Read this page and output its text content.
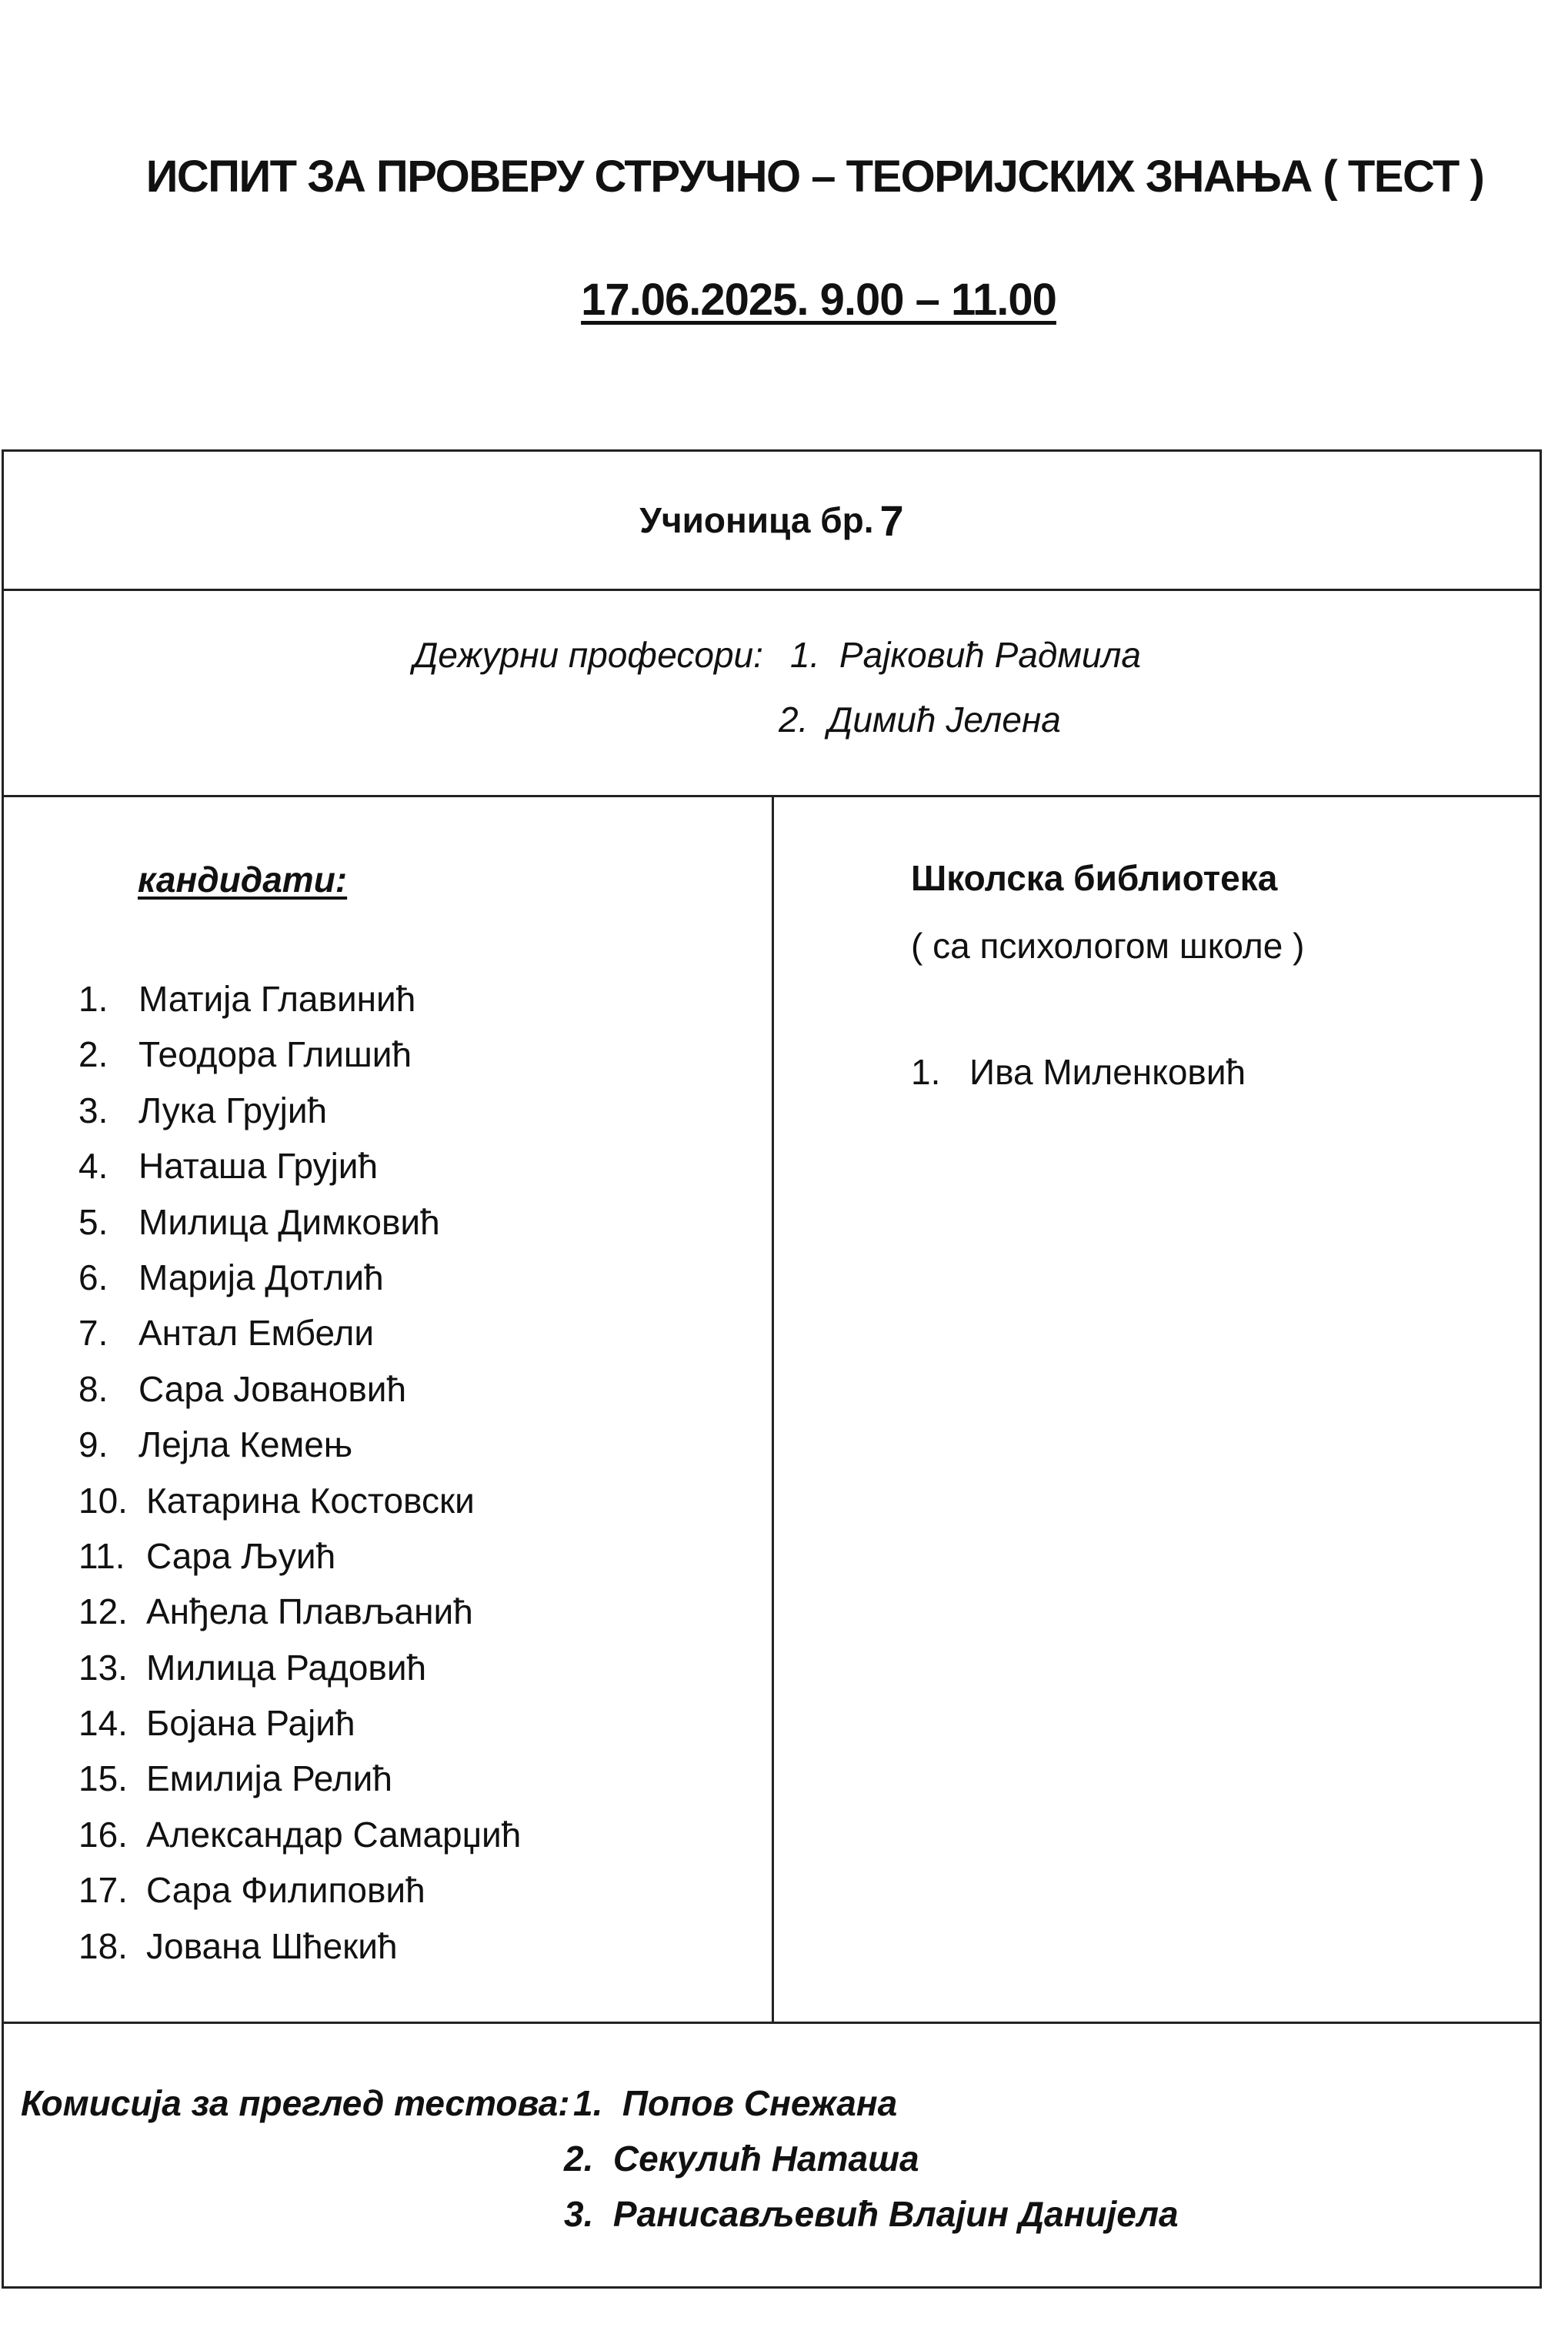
ИСПИТ ЗА ПРОВЕРУ СТРУЧНО – ТЕОРИЈСКИХ ЗНАЊА ( ТЕСТ )
17.06.2025. 9.00 – 11.00
Учионица бр. 7
Дежурни професори: 1.  Рајковић Радмила
2.  Димић Јелена
кандидати:
1. Матија Главинић
2. Теодора Глишић
3. Лука Грујић
4. Наташа Грујић
5. Милица Димковић
6. Марија Дотлић
7. Антал Ембели
8. Сара Јовановић
9. Лејла Кемењ
10. Катарина Костовски
11. Сара Љуић
12. Анђела Плављанић
13. Милица Радовић
14. Бојана Рајић
15. Емилија Релић
16. Александар Самарџић
17. Сара Филиповић
18. Јована Шћекић
Школска библиотека
( са психологом школе )
1. Ива Миленковић
Комисија за преглед тестова: 1.  Попов Снежана
2.  Секулић Наташа
3.  Ранисављевић Влајин Данијела
